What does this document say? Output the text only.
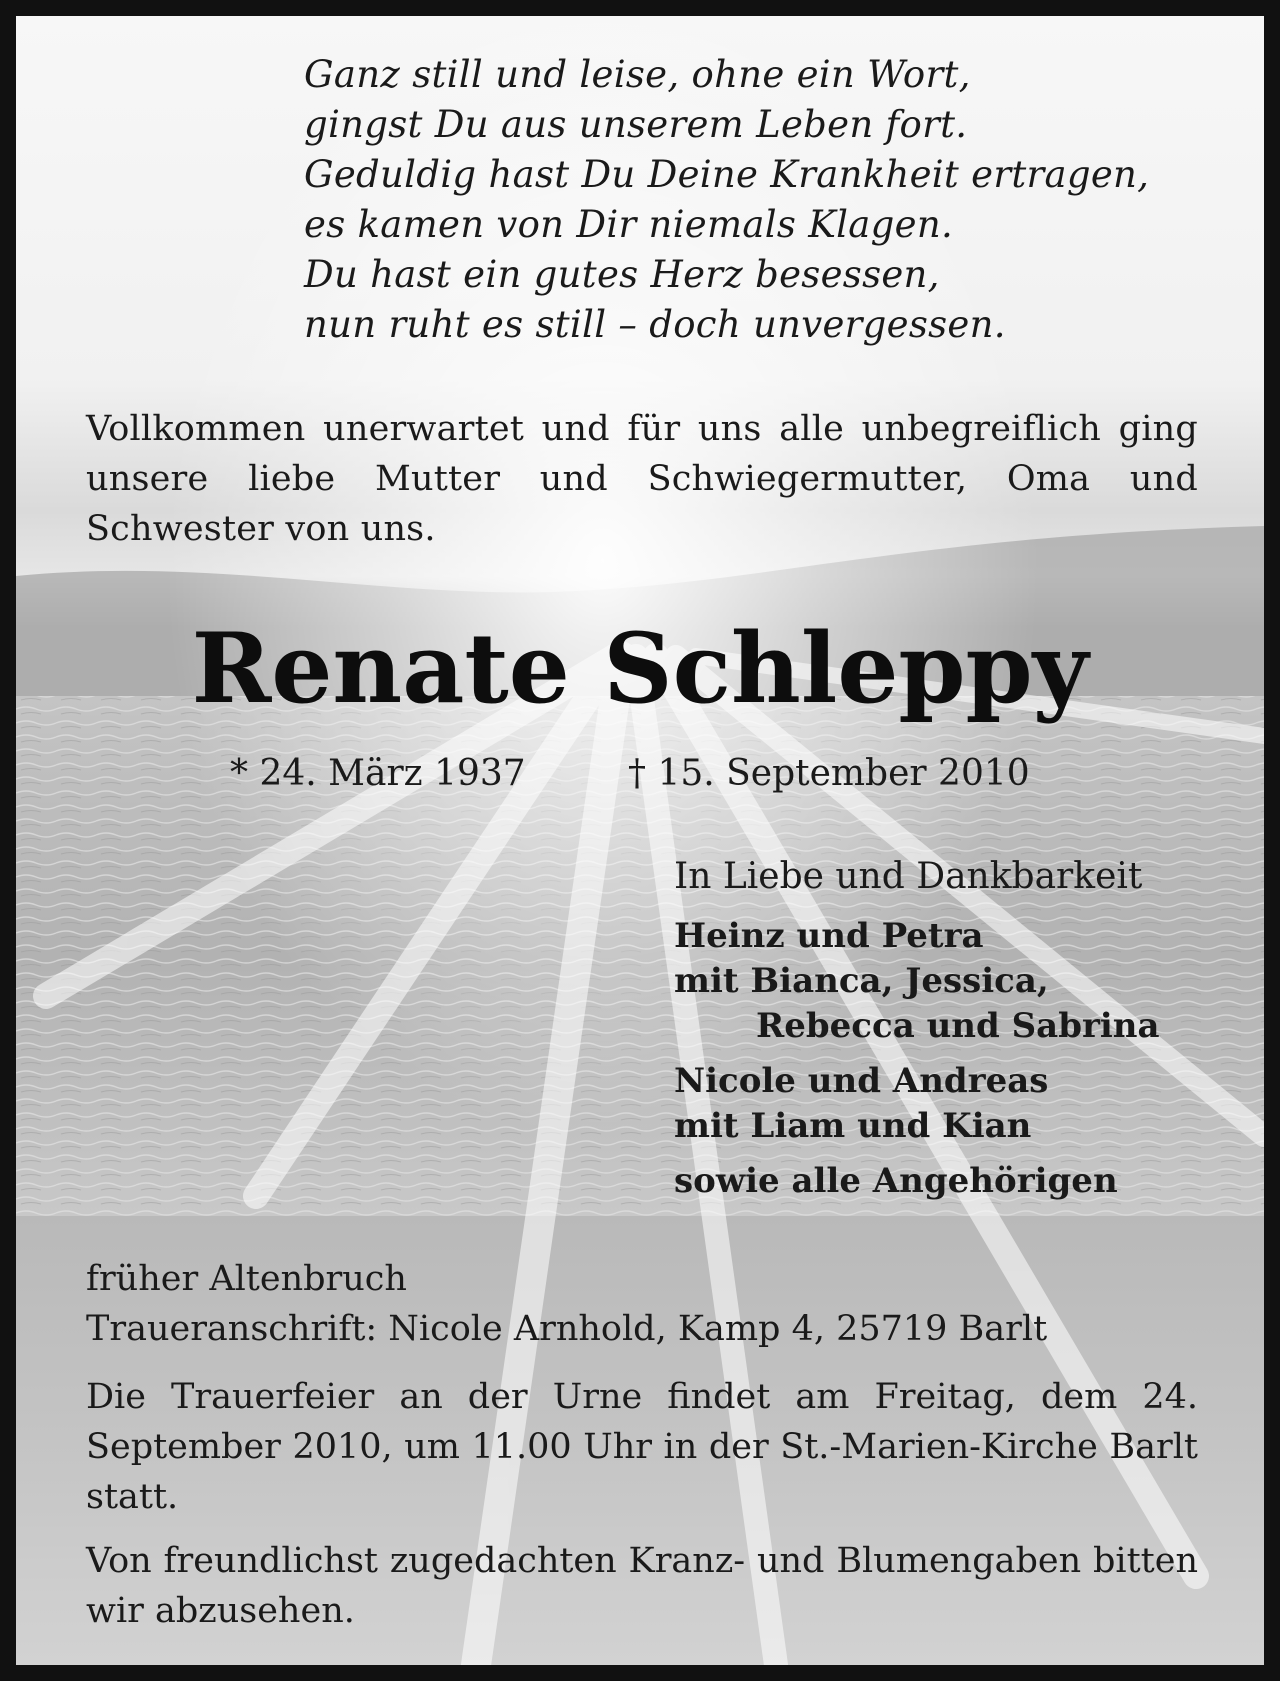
Ganz still und leise, ohne ein Wort,
gingst Du aus unserem Leben fort.
Geduldig hast Du Deine Krankheit ertragen,
es kamen von Dir niemals Klagen.
Du hast ein gutes Herz besessen,
nun ruht es still – doch unvergessen.
Vollkommen unerwartet und für uns alle unbegreiflich ging unsere liebe Mutter und Schwiegermutter, Oma und Schwester von uns.
Renate Schleppy
* 24. März 1937	† 15. September 2010
In Liebe und Dankbarkeit
Heinz und Petra
mit Bianca, Jessica,
Rebecca und Sabrina
Nicole und Andreas
mit Liam und Kian
sowie alle Angehörigen
früher Altenbruch
Traueranschrift: Nicole Arnhold, Kamp 4, 25719 Barlt
Die Trauerfeier an der Urne findet am Freitag, dem 24. September 2010, um 11.00 Uhr in der St.-Marien-Kirche Barlt statt.
Von freundlichst zugedachten Kranz- und Blumengaben bitten wir abzusehen.
